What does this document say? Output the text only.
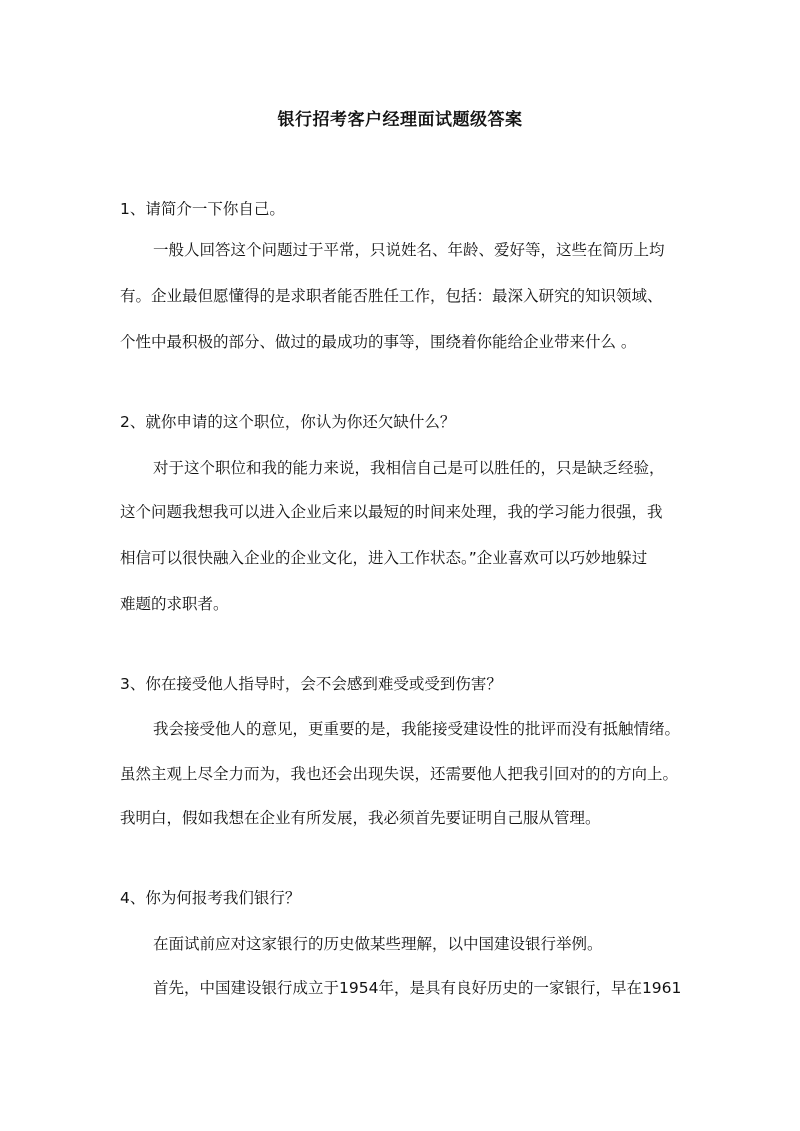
银行招考客户经理面试题级答案
1、请简介一下你自己。
一般人回答这个问题过于平常，只说姓名、年龄、爱好等，这些在简历上均
有。企业最但愿懂得的是求职者能否胜任工作，包括：最深入研究的知识领域、
个性中最积极的部分、做过的最成功的事等，围绕着你能给企业带来什么 。
2、就你申请的这个职位，你认为你还欠缺什么？
对于这个职位和我的能力来说，我相信自己是可以胜任的，只是缺乏经验，
这个问题我想我可以进入企业后来以最短的时间来处理，我的学习能力很强，我
相信可以很快融入企业的企业文化，进入工作状态。”企业喜欢可以巧妙地躲过
难题的求职者。
3、你在接受他人指导时，会不会感到难受或受到伤害？
我会接受他人的意见，更重要的是，我能接受建设性的批评而没有抵触情绪。
虽然主观上尽全力而为，我也还会出现失误，还需要他人把我引回对的的方向上。
我明白，假如我想在企业有所发展，我必须首先要证明自己服从管理。
4、你为何报考我们银行？
在面试前应对这家银行的历史做某些理解，以中国建设银行举例。
首先，中国建设银行成立于1954年，是具有良好历史的一家银行，早在1961
